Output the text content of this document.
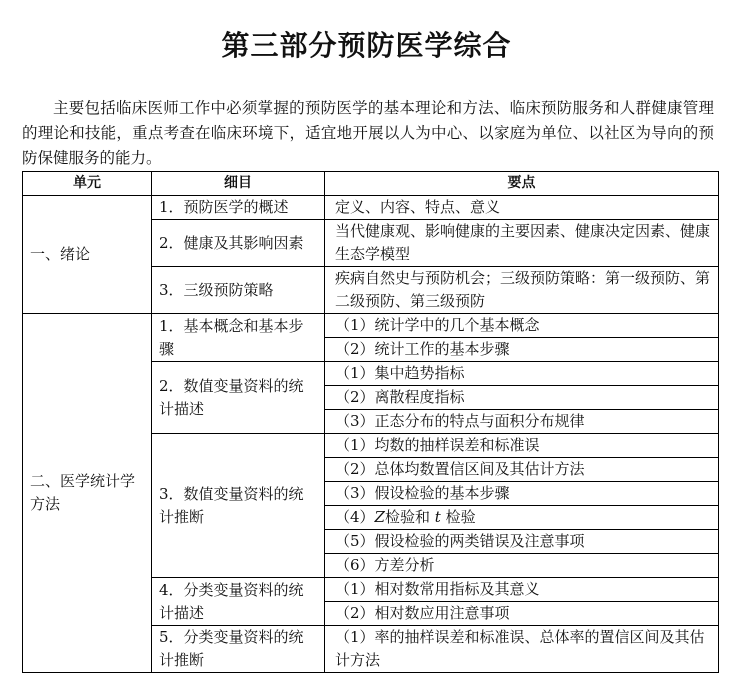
第三部分预防医学综合

主要包括临床医师工作中必须掌握的预防医学的基本理论和方法、临床预防服务和人群健康管理的理论和技能，重点考查在临床环境下，适宜地开展以人为中心、以家庭为单位、以社区为导向的预防保健服务的能力。

单元	细目	要点
一、绪论	1．预防医学的概述	定义、内容、特点、意义
	2．健康及其影响因素	当代健康观、影响健康的主要因素、健康决定因素、健康生态学模型
	3．三级预防策略	疾病自然史与预防机会；三级预防策略：第一级预防、第二级预防、第三级预防
二、医学统计学方法	1．基本概念和基本步骤	（1）统计学中的几个基本概念
		（2）统计工作的基本步骤
	2．数值变量资料的统计描述	（1）集中趋势指标
		（2）离散程度指标
		（3）正态分布的特点与面积分布规律
	3．数值变量资料的统计推断	（1）均数的抽样误差和标准误
		（2）总体均数置信区间及其估计方法
		（3）假设检验的基本步骤
		（4）Z检验和 t 检验
		（5）假设检验的两类错误及注意事项
		（6）方差分析
	4．分类变量资料的统计描述	（1）相对数常用指标及其意义
		（2）相对数应用注意事项
	5．分类变量资料的统计推断	（1）率的抽样误差和标准误、总体率的置信区间及其估计方法
